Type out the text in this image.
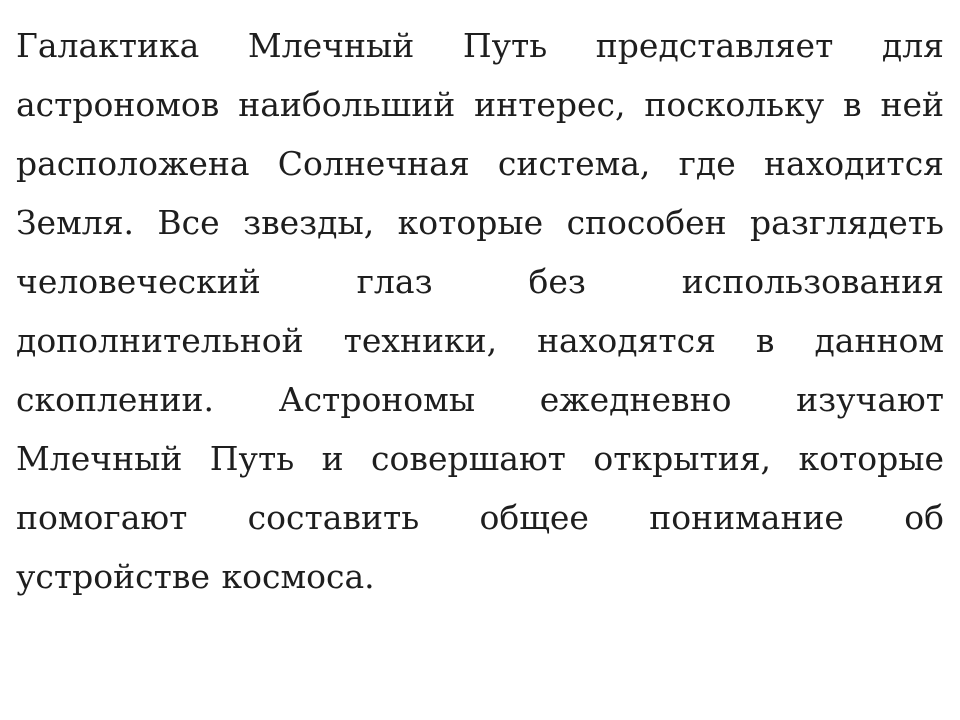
Галактика Млечный Путь представляет для астрономов наибольший интерес, поскольку в ней расположена Солнечная система, где находится Земля. Все звезды, которые способен разглядеть человеческий глаз без использования дополнительной техники, находятся в данном скоплении. Астрономы ежедневно изучают Млечный Путь и совершают открытия, которые помогают составить общее понимание об устройстве космоса.
